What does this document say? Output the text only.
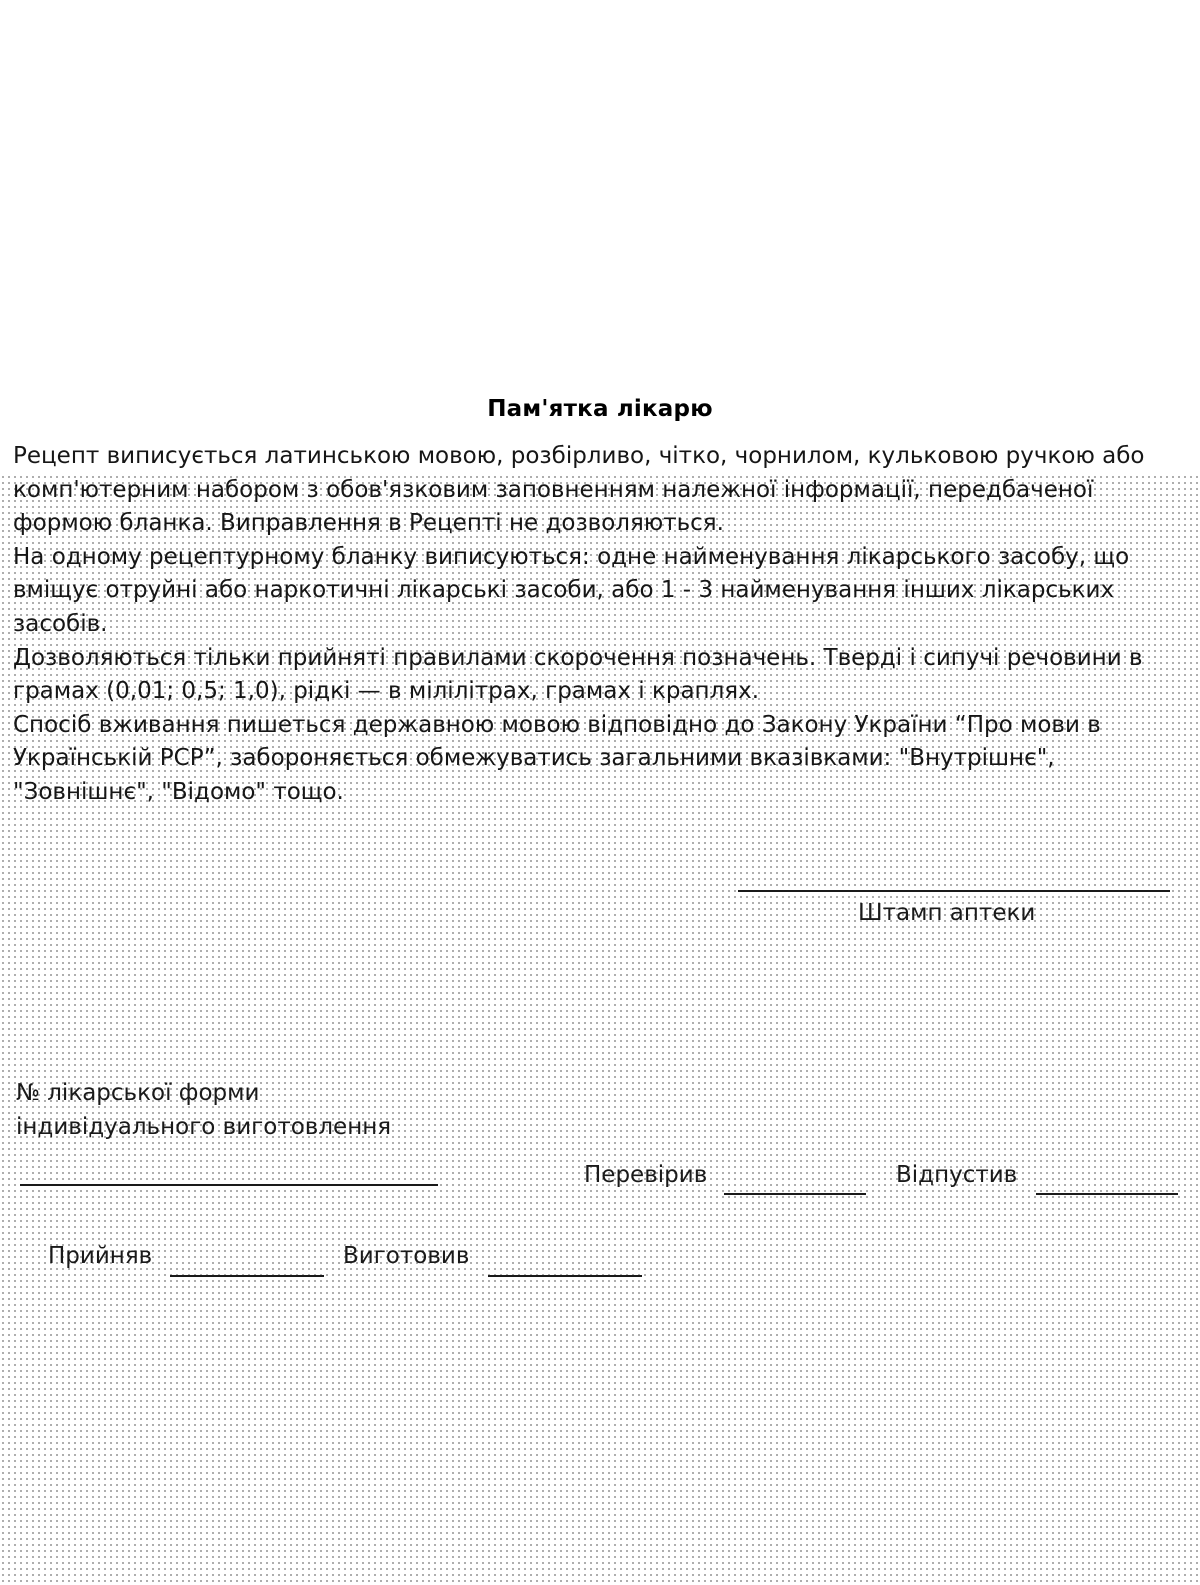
Пам'ятка лікарю

Рецепт виписується латинською мовою, розбірливо, чітко, чорнилом, кульковою ручкою або комп'ютерним набором з обов'язковим заповненням належної інформації, передбаченої формою бланка. Виправлення в Рецепті не дозволяються.

На одному рецептурному бланку виписуються: одне найменування лікарського засобу, що вміщує отруйні або наркотичні лікарські засоби, або 1 - 3 найменування інших лікарських засобів.

Дозволяються тільки прийняті правилами скорочення позначень. Тверді і сипучі речовини в грамах (0,01; 0,5; 1,0), рідкі — в мілілітрах, грамах і краплях.

Спосіб вживання пишеться державною мовою відповідно до Закону України “Про мови в Українській РСР”, забороняється обмежуватись загальними вказівками: "Внутрішнє", "Зовнішнє", "Відомо" тощо.

Штамп аптеки
№ лікарської форми
індивідуального виготовлення
Перевірив	Відпустив
Прийняв	Виготовив
